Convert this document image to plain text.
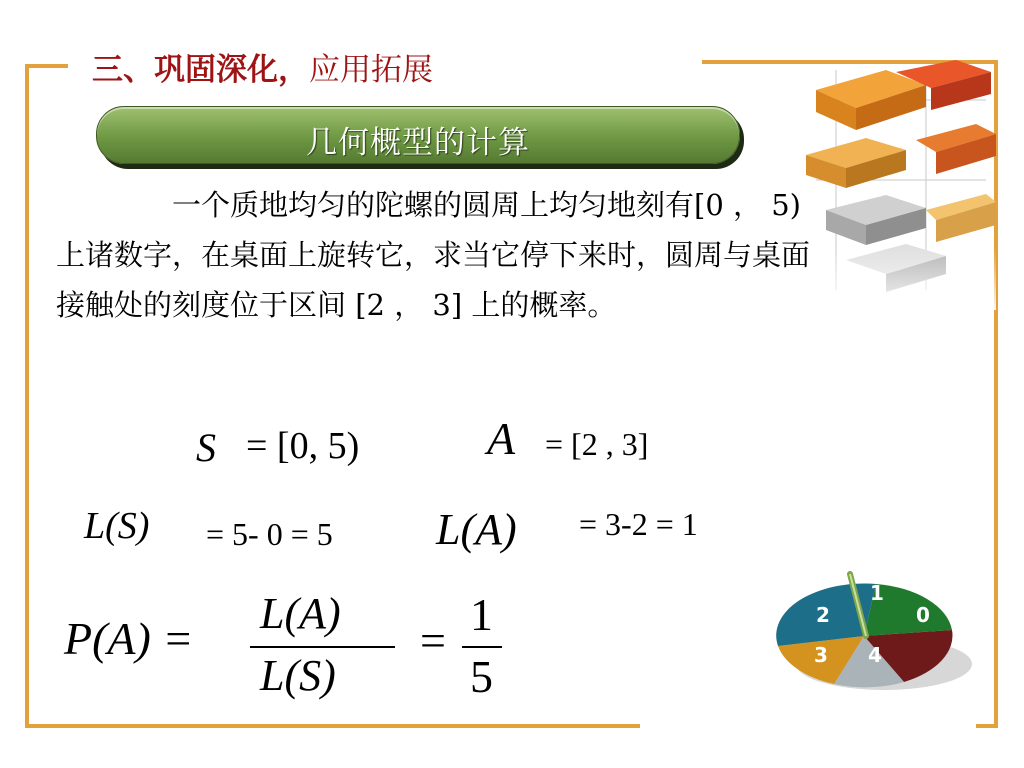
三、巩固深化，应用拓展
几何概型的计算

一个质地均匀的陀螺的圆周上均匀地刻有[0 ， 5)上诸数字，在桌面上旋转它，求当它停下来时，圆周与桌面接触处的刻度位于区间 [2 ， 3] 上的概率。

S = [0, 5)	A = [2 , 3]
L(S) = 5- 0 = 5 L(A) = 3-2 = 1
P(A) = L(A)
L(S)
=
1
5
1
0
2
3 4
